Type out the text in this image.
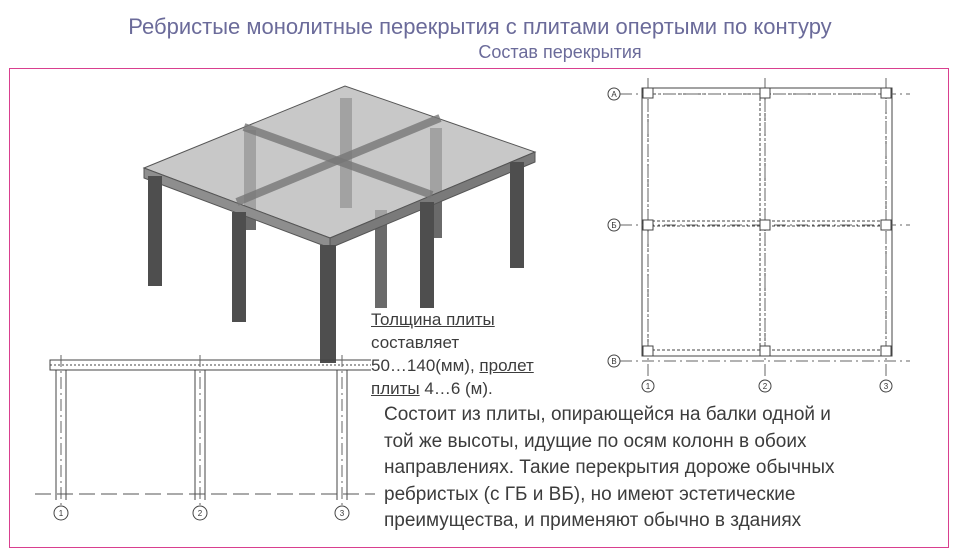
Ребристые монолитные перекрытия с плитами опертыми по контуру
Состав перекрытия
А
Б
В
1	2	3
1	2	3
Толщина плиты
составляет
50…140(мм), пролет
плиты 4…6 (м).
Состоит из плиты, опирающейся на балки одной и
той же высоты, идущие по осям колонн в обоих
направлениях. Такие перекрытия дороже обычных
ребристых (с ГБ и ВБ), но имеют эстетические
преимущества, и применяют обычно в зданиях
